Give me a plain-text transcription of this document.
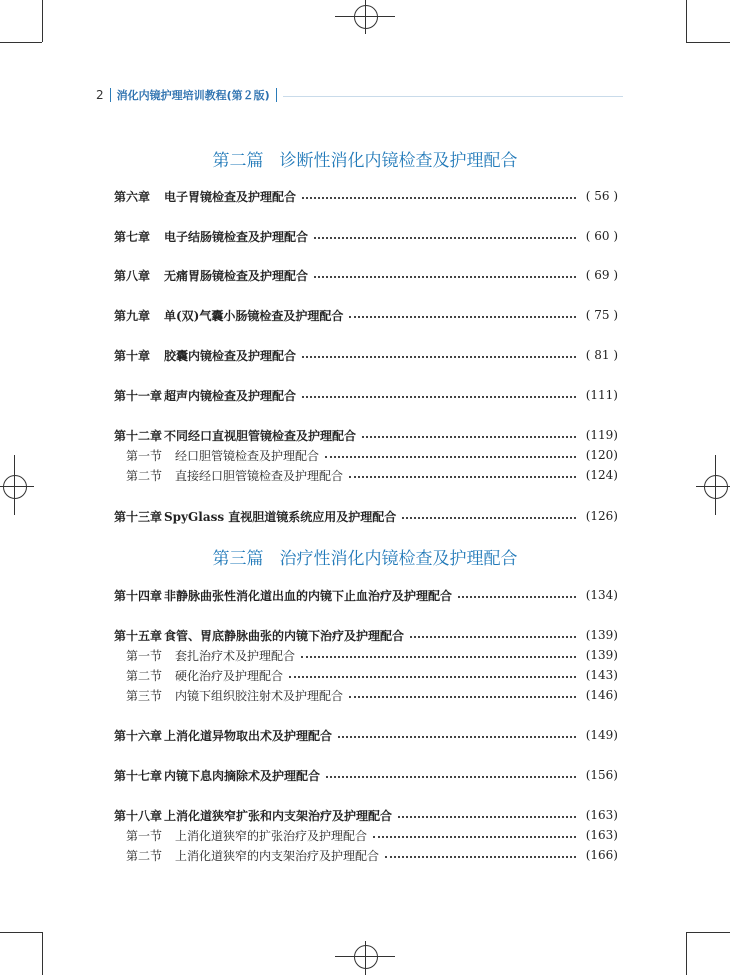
2 消化内镜护理培训教程(第２版)
第二篇 诊断性消化内镜检查及护理配合
第三篇 治疗性消化内镜检查及护理配合
第六章	电子胃镜检查及护理配合	( 56 )
第七章	电子结肠镜检查及护理配合	( 60 )
第八章	无痛胃肠镜检查及护理配合	( 69 )
第九章	单(双)气囊小肠镜检查及护理配合	( 75 )
第十章	胶囊内镜检查及护理配合	( 81 )
第十一章 超声内镜检查及护理配合	(111)
第十二章 不同经口直视胆管镜检查及护理配合	(119)
第一节	经口胆管镜检查及护理配合	(120)
第二节	直接经口胆管镜检查及护理配合	(124)
第十三章 SpyGlass 直视胆道镜系统应用及护理配合	(126)
第十四章 非静脉曲张性消化道出血的内镜下止血治疗及护理配合	(134)
第十五章 食管、胃底静脉曲张的内镜下治疗及护理配合	(139)
第一节	套扎治疗术及护理配合	(139)
第二节	硬化治疗及护理配合	(143)
第三节	内镜下组织胶注射术及护理配合	(146)
第十六章 上消化道异物取出术及护理配合	(149)
第十七章 内镜下息肉摘除术及护理配合	(156)
第十八章 上消化道狭窄扩张和内支架治疗及护理配合	(163)
第一节	上消化道狭窄的扩张治疗及护理配合	(163)
第二节	上消化道狭窄的内支架治疗及护理配合	(166)
